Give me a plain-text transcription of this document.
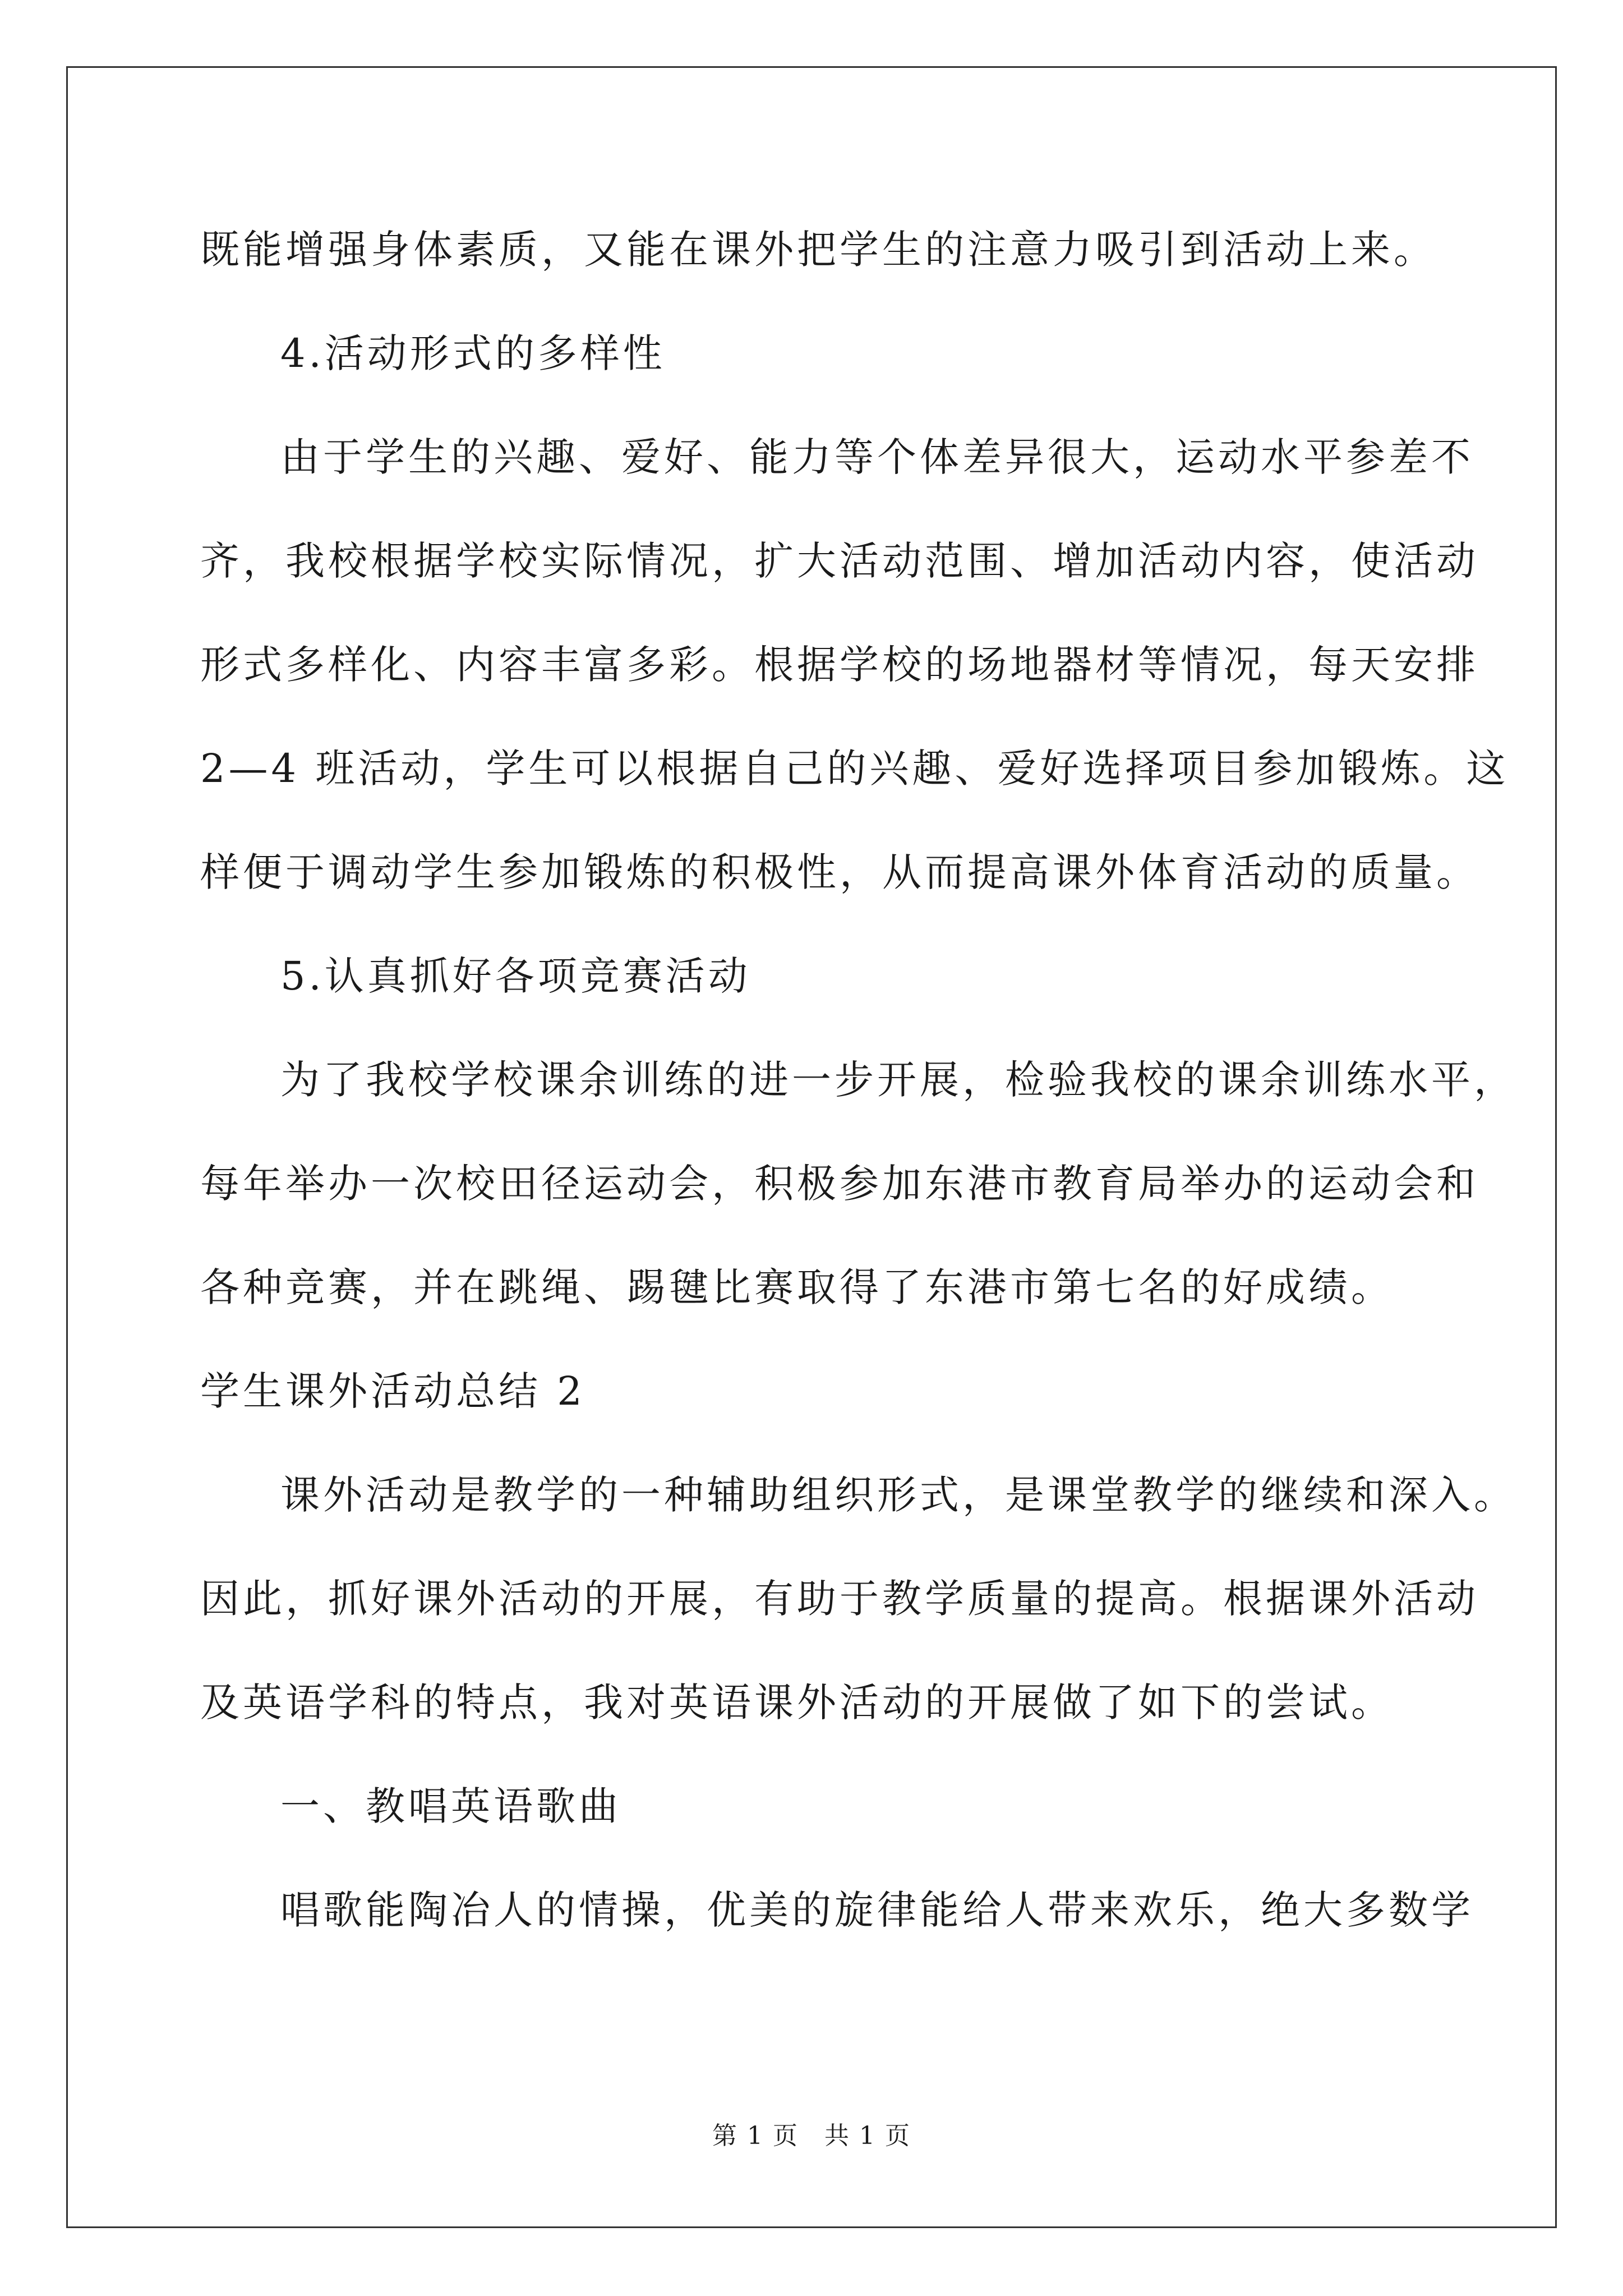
既能增强身体素质，又能在课外把学生的注意力吸引到活动上来。
4.活动形式的多样性
由于学生的兴趣、爱好、能力等个体差异很大，运动水平参差不
齐，我校根据学校实际情况，扩大活动范围、增加活动内容，使活动
形式多样化、内容丰富多彩。根据学校的场地器材等情况，每天安排
2—4 班活动，学生可以根据自己的兴趣、爱好选择项目参加锻炼。这
样便于调动学生参加锻炼的积极性，从而提高课外体育活动的质量。
5.认真抓好各项竞赛活动
为了我校学校课余训练的进一步开展，检验我校的课余训练水平，
每年举办一次校田径运动会，积极参加东港市教育局举办的运动会和
各种竞赛，并在跳绳、踢毽比赛取得了东港市第七名的好成绩。
学生课外活动总结 2
课外活动是教学的一种辅助组织形式，是课堂教学的继续和深入。
因此，抓好课外活动的开展，有助于教学质量的提高。根据课外活动
及英语学科的特点，我对英语课外活动的开展做了如下的尝试。
一、教唱英语歌曲
唱歌能陶冶人的情操，优美的旋律能给人带来欢乐，绝大多数学
第 1 页　共 1 页
